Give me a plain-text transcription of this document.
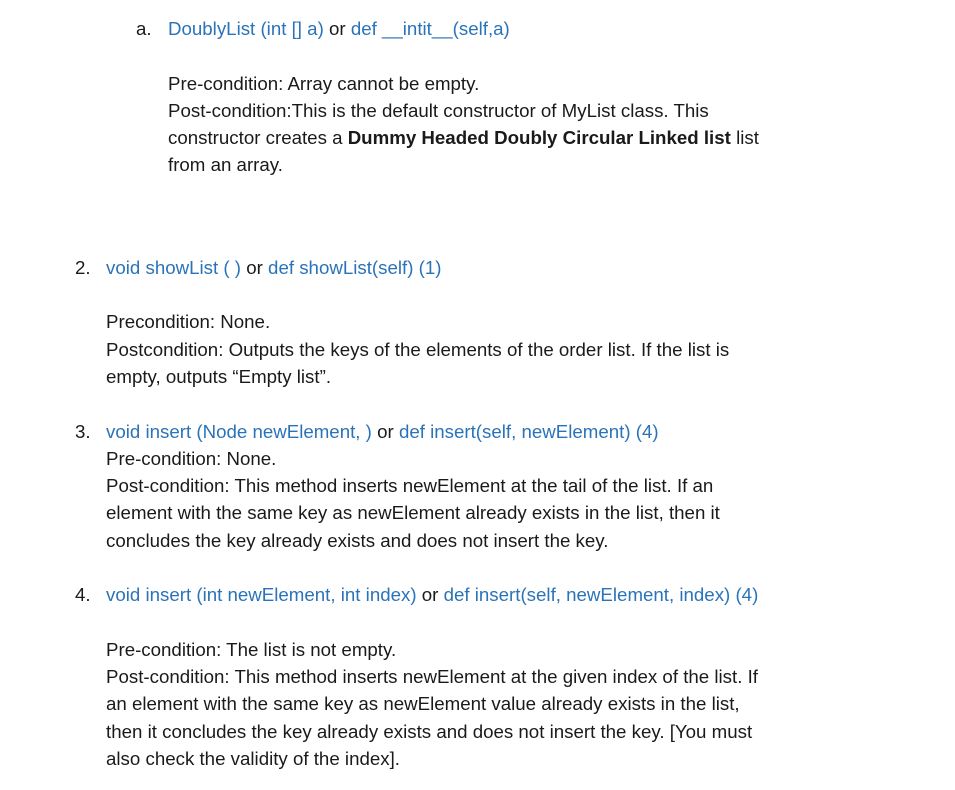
a. DoublyList (int [] a) or def __intit__(self,a)
Pre-condition: Array cannot be empty.
Post-condition:This is the default constructor of MyList class. This
constructor creates a Dummy Headed Doubly Circular Linked list list
from an array.
2. void showList ( ) or def showList(self) (1)
Precondition: None.
Postcondition: Outputs the keys of the elements of the order list. If the list is
empty, outputs “Empty list”.
3. void insert (Node newElement, ) or def insert(self, newElement) (4)
Pre-condition: None.
Post-condition: This method inserts newElement at the tail of the list. If an
element with the same key as newElement already exists in the list, then it
concludes the key already exists and does not insert the key.
4. void insert (int newElement, int index) or def insert(self, newElement, index) (4)
Pre-condition: The list is not empty.
Post-condition: This method inserts newElement at the given index of the list. If
an element with the same key as newElement value already exists in the list,
then it concludes the key already exists and does not insert the key. [You must
also check the validity of the index].
